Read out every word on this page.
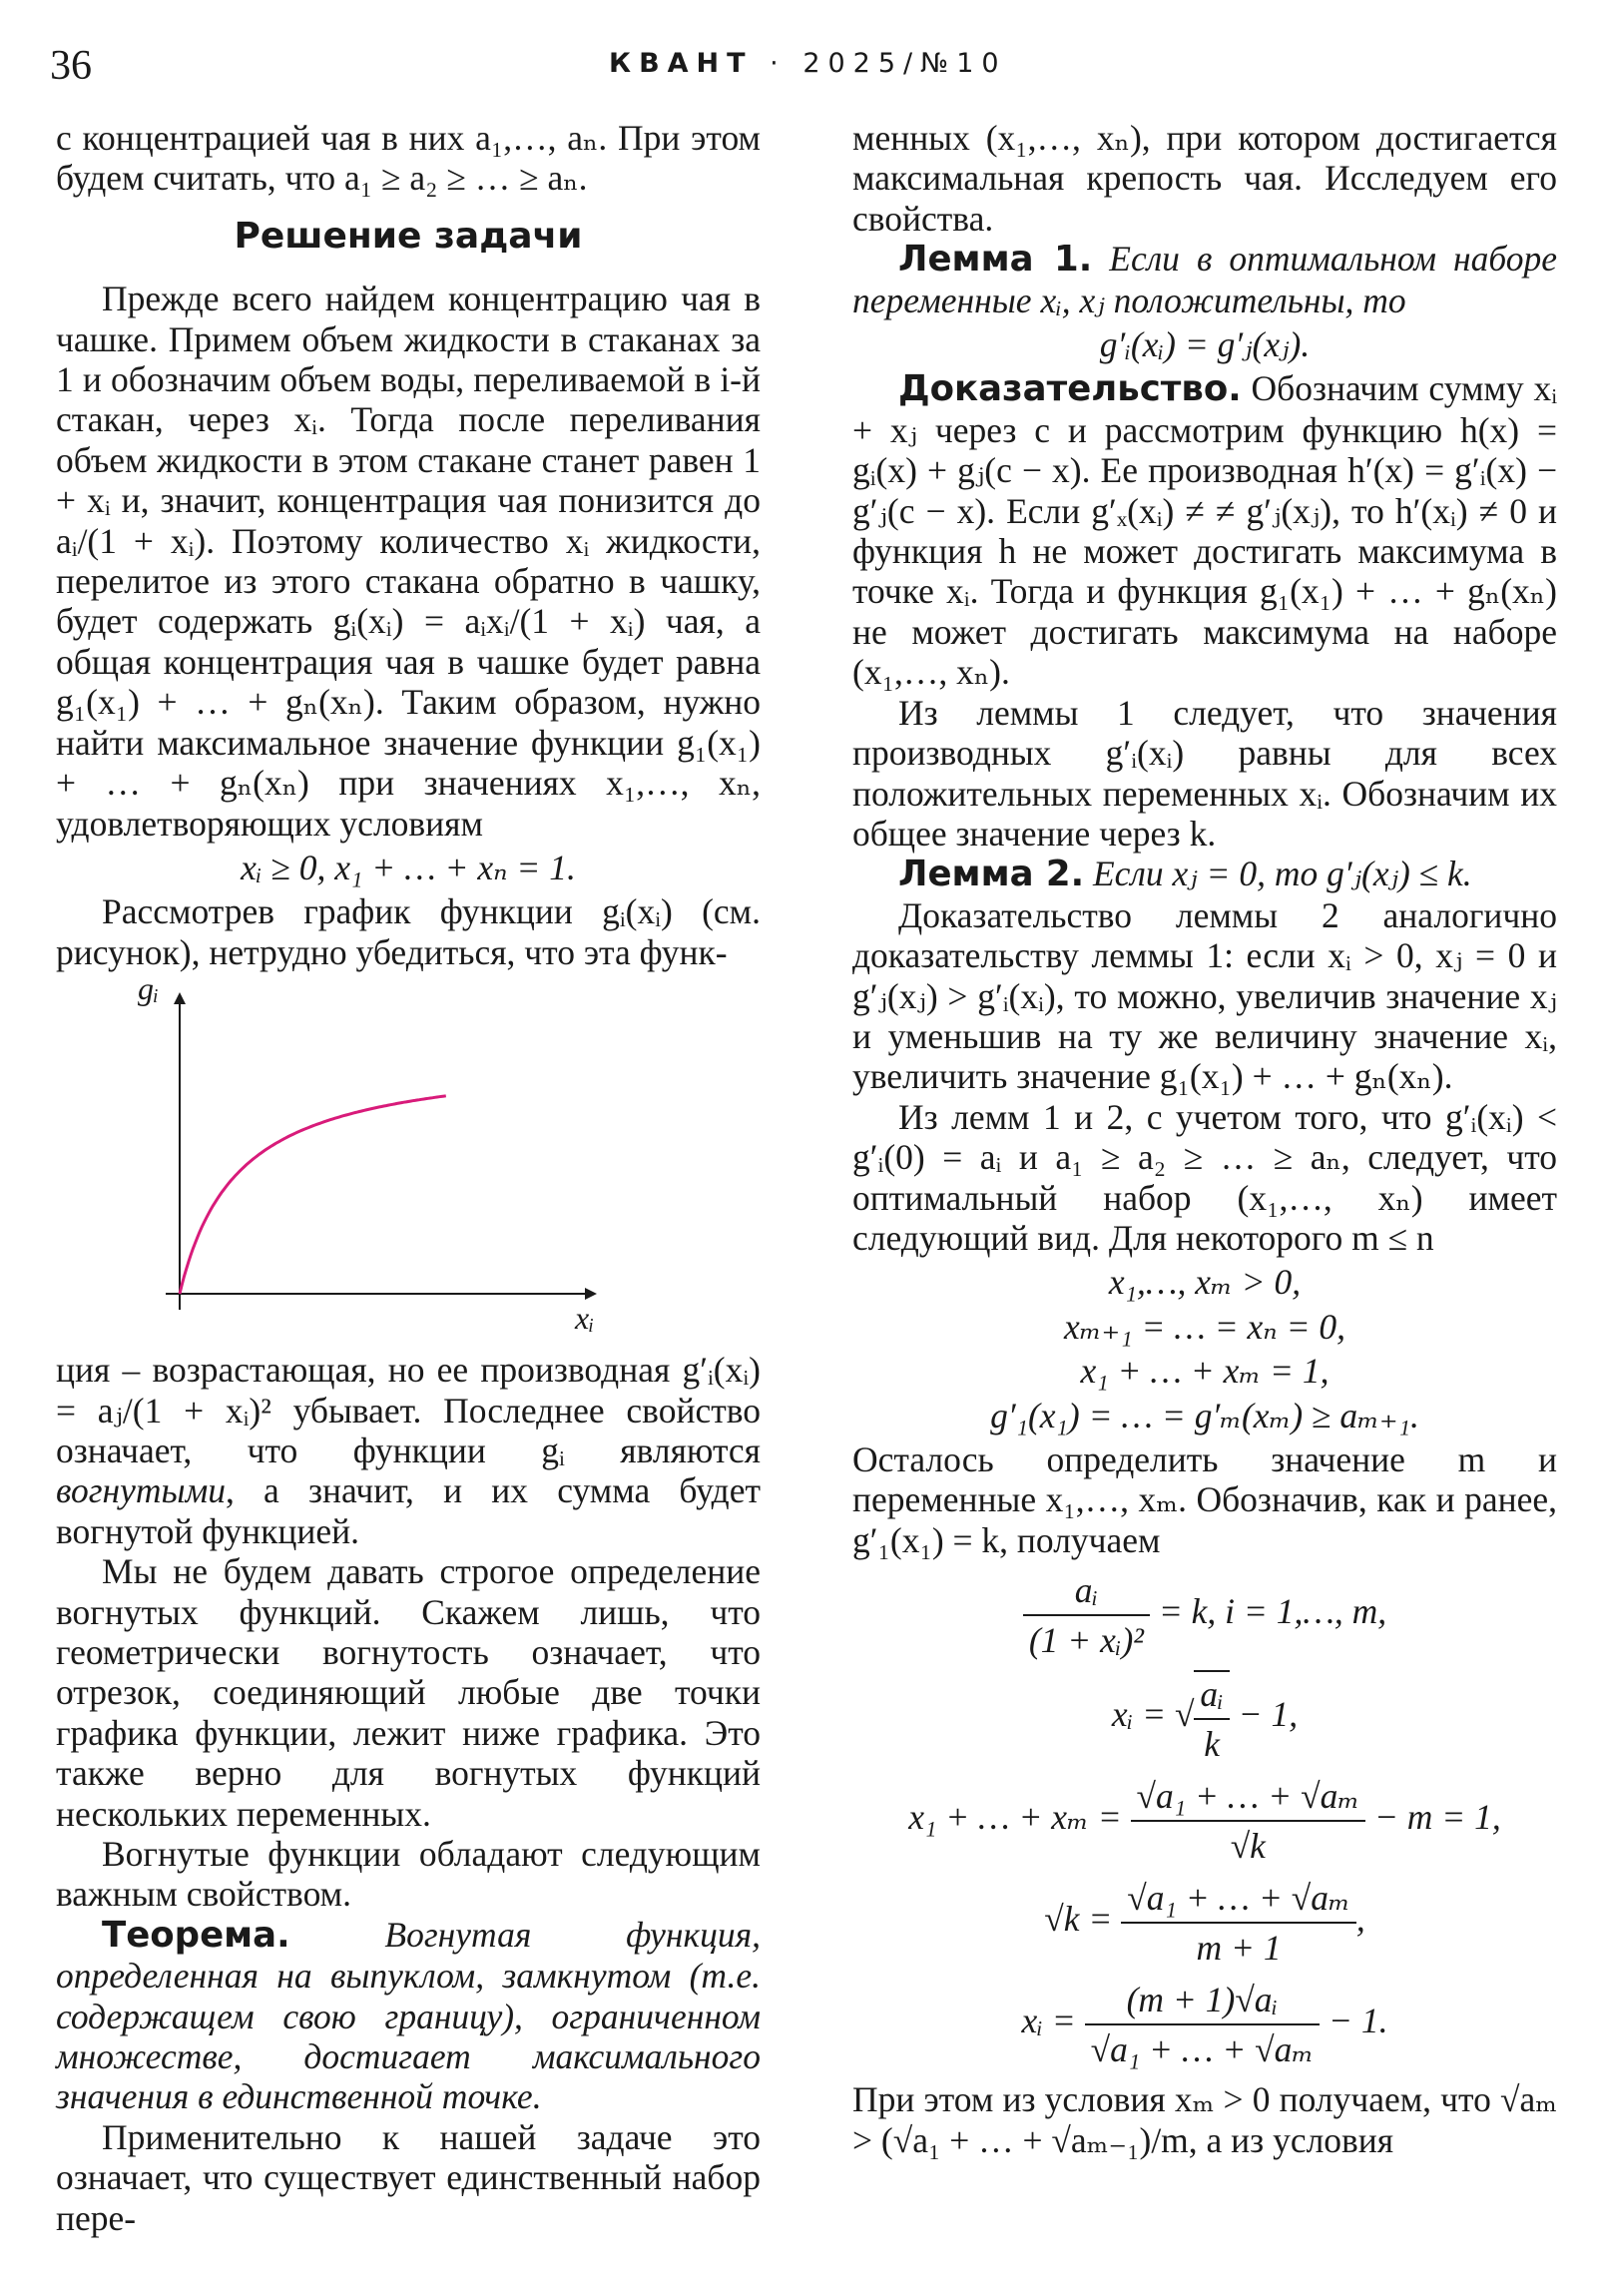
36	КВАНТ · 2025/№10

с концентрацией чая в них a₁,…, aₙ. При этом будем считать, что a₁ ≥ a₂ ≥ … ≥ aₙ.

Решение задачи

Прежде всего найдем концентрацию чая в чашке. Примем объем жидкости в стаканах за 1 и обозначим объем воды, переливаемой в i-й стакан, через xᵢ. Тогда после переливания объем жидкости в этом стакане станет равен 1 + xᵢ и, значит, концентрация чая понизится до aᵢ/(1 + xᵢ). Поэтому количество xᵢ жидкости, перелитое из этого стакана обратно в чашку, будет содержать gᵢ(xᵢ) = aᵢxᵢ/(1 + xᵢ) чая, а общая концентрация чая в чашке будет равна g₁(x₁) + … + gₙ(xₙ). Таким образом, нужно найти максимальное значение функции g₁(x₁) + … + gₙ(xₙ) при значениях x₁,…, xₙ, удовлетворяющих условиям

xᵢ ≥ 0, x₁ + … + xₙ = 1.

Рассмотрев график функции gᵢ(xᵢ) (см. рисунок), нетрудно убедиться, что эта функ-

gᵢ
xᵢ

ция – возрастающая, но ее производная g′ᵢ(xᵢ) = aⱼ/(1 + xᵢ)² убывает. Последнее свойство означает, что функции gᵢ являются вогнутыми, а значит, и их сумма будет вогнутой функцией.

Мы не будем давать строгое определение вогнутых функций. Скажем лишь, что геометрически вогнутость означает, что отрезок, соединяющий любые две точки графика функции, лежит ниже графика. Это также верно для вогнутых функций нескольких переменных.

Вогнутые функции обладают следующим важным свойством.

Теорема.	Вогнутая функция, определенная на выпуклом, замкнутом (т.е. содержащем свою границу), ограниченном множестве, достигает максимального значения в единственной точке.

Применительно к нашей задаче это означает, что существует единственный набор пере-

менных (x₁,…, xₙ), при котором достигается максимальная крепость чая. Исследуем его свойства.

Лемма 1. Если в оптимальном наборе переменные xᵢ, xⱼ положительны, то

g′ᵢ(xᵢ) = g′ⱼ(xⱼ).

Доказательство. Обозначим сумму xᵢ + xⱼ через c и рассмотрим функцию h(x) = gᵢ(x) + gⱼ(c − x). Ее производная h′(x) = g′ᵢ(x) − g′ⱼ(c − x). Если g′ₓ(xᵢ) ≠ ≠ g′ⱼ(xⱼ), то h′(xᵢ) ≠ 0 и функция h не может достигать максимума в точке xᵢ. Тогда и функция g₁(x₁) + … + gₙ(xₙ) не может достигать максимума на наборе (x₁,…, xₙ).

Из леммы 1 следует, что значения производных g′ᵢ(xᵢ) равны для всех положительных переменных xᵢ. Обозначим их общее значение через k.

Лемма 2. Если xⱼ = 0, то g′ⱼ(xⱼ) ≤ k.

Доказательство леммы 2 аналогично доказательству леммы 1: если xᵢ > 0, xⱼ = 0 и g′ⱼ(xⱼ) > g′ᵢ(xᵢ), то можно, увеличив значение xⱼ и уменьшив на ту же величину значение xᵢ, увеличить значение g₁(x₁) + … + gₙ(xₙ).

Из лемм 1 и 2, с учетом того, что g′ᵢ(xᵢ) < g′ᵢ(0) = aᵢ и a₁ ≥ a₂ ≥ … ≥ aₙ, следует, что оптимальный набор (x₁,…, xₙ) имеет следующий вид. Для некоторого m ≤ n

x₁,…, xₘ > 0,
xₘ₊₁ = … = xₙ = 0,
x₁ + … + xₘ = 1,
g′₁(x₁) = … = g′ₘ(xₘ) ≥ aₘ₊₁.

Осталось определить значение m и переменные x₁,…, xₘ. Обозначив, как и ранее, g′₁(x₁) = k, получаем

$\frac{\text{aᵢ}}{\text{(1 + xᵢ)²}} = k$, i = 1,…, m,
xᵢ = √ $\frac{\text{aᵢ}}{k} - 1$,
x₁ + … + $x_m = \frac{\text{√a₁ + … + √aₘ}}{√k} - m = 1$,
$√k = \frac{\text{√a₁ + … + √aₘ}}{m + 1}$ ,
xᵢ = $\frac{\text{(m + 1)√aᵢ}}{\text{√a₁ + … + √aₘ}} - 1$.

При этом из условия xₘ > 0 получаем, что √aₘ > (√a₁ + … + √aₘ₋₁)/m, а из условия
